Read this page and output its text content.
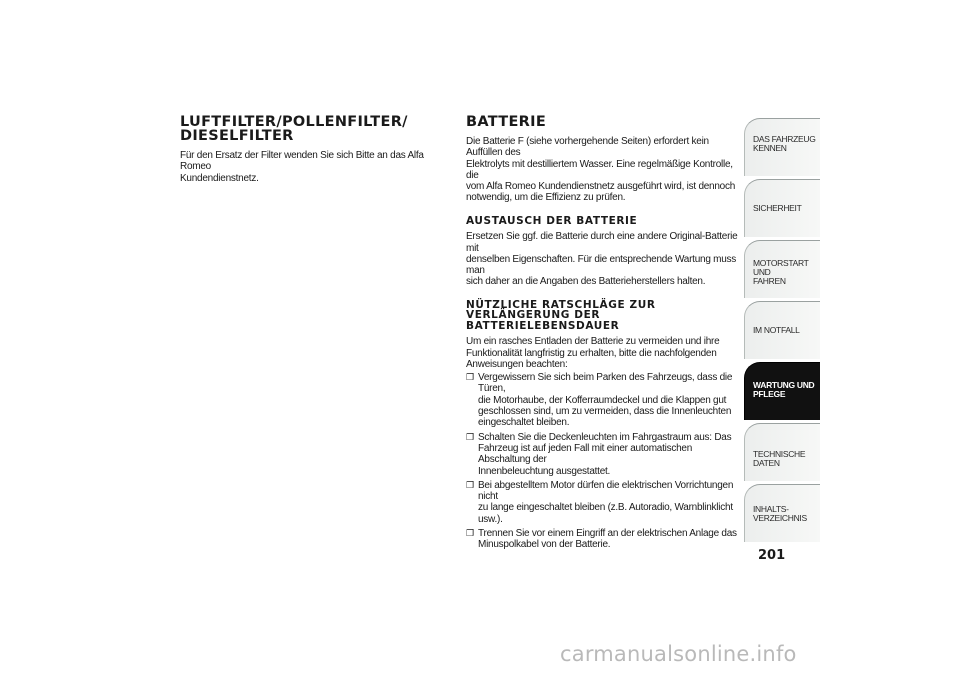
LUFTFILTER/POLLENFILTER/
DIESELFILTER

Für den Ersatz der Filter wenden Sie sich Bitte an das Alfa Romeo
Kundendienstnetz.

BATTERIE

Die Batterie F (siehe vorhergehende Seiten) erfordert kein Auffüllen des
Elektrolyts mit destilliertem Wasser. Eine regelmäßige Kontrolle, die
vom Alfa Romeo Kundendienstnetz ausgeführt wird, ist dennoch
notwendig, um die Effizienz zu prüfen.

AUSTAUSCH DER BATTERIE

Ersetzen Sie ggf. die Batterie durch eine andere Original-Batterie mit
denselben Eigenschaften. Für die entsprechende Wartung muss man
sich daher an die Angaben des Batterieherstellers halten.

NÜTZLICHE RATSCHLÄGE ZUR
VERLÄNGERUNG DER
BATTERIELEBENSDAUER

Um ein rasches Entladen der Batterie zu vermeiden und ihre
Funktionalität langfristig zu erhalten, bitte die nachfolgenden
Anweisungen beachten:

❒ Vergewissern Sie sich beim Parken des Fahrzeugs, dass die Türen,
die Motorhaube, der Kofferraumdeckel und die Klappen gut
geschlossen sind, um zu vermeiden, dass die Innenleuchten
eingeschaltet bleiben.
❒ Schalten Sie die Deckenleuchten im Fahrgastraum aus: Das
Fahrzeug ist auf jeden Fall mit einer automatischen Abschaltung der
Innenbeleuchtung ausgestattet.
❒ Bei abgestelltem Motor dürfen die elektrischen Vorrichtungen nicht
zu lange eingeschaltet bleiben (z.B. Autoradio, Warnblinklicht
usw.).
❒ Trennen Sie vor einem Eingriff an der elektrischen Anlage das
Minuspolkabel von der Batterie.
DAS FAHRZEUG
KENNEN
SICHERHEIT
MOTORSTART UND
FAHREN
IM NOTFALL
WARTUNG UND
PFLEGE
TECHNISCHE DATEN
INHALTS-
VERZEICHNIS
201
carmanualsonline.info
